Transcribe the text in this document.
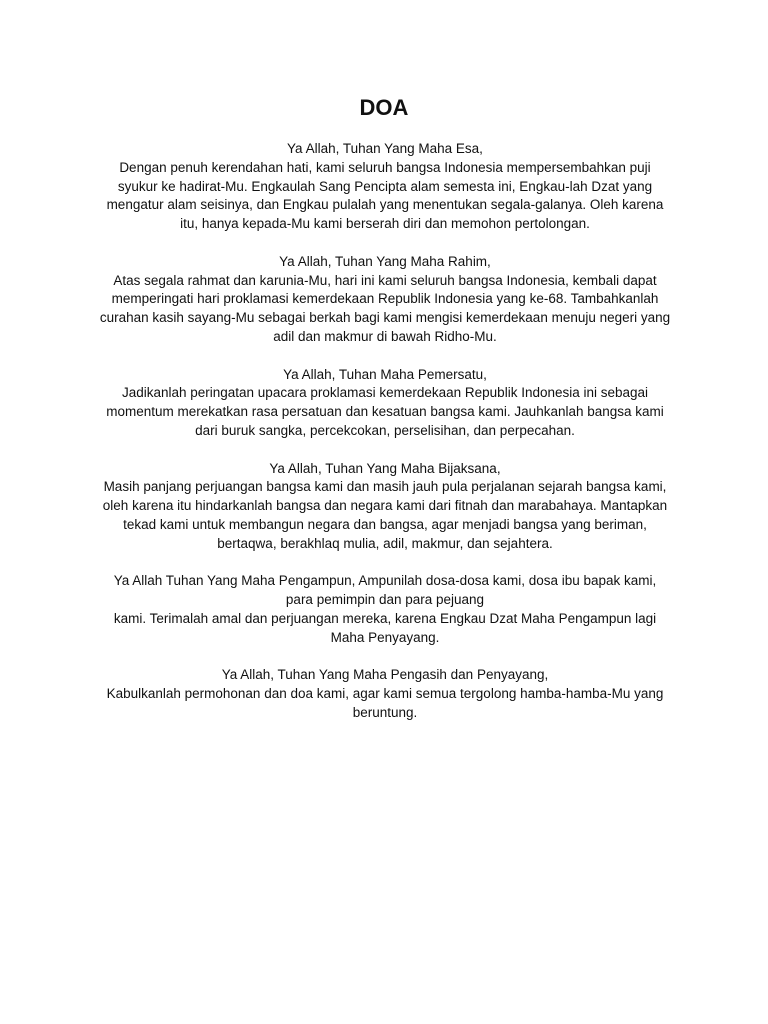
DOA

Ya Allah, Tuhan Yang Maha Esa,
Dengan penuh kerendahan hati, kami seluruh bangsa Indonesia mempersembahkan puji
syukur ke hadirat-Mu. Engkaulah Sang Pencipta alam semesta ini, Engkau-lah Dzat yang
mengatur alam seisinya, dan Engkau pulalah yang menentukan segala-galanya. Oleh karena
itu, hanya kepada-Mu kami berserah diri dan memohon pertolongan.

Ya Allah, Tuhan Yang Maha Rahim,
Atas segala rahmat dan karunia-Mu, hari ini kami seluruh bangsa Indonesia, kembali dapat
memperingati hari proklamasi kemerdekaan Republik Indonesia yang ke-68. Tambahkanlah
curahan kasih sayang-Mu sebagai berkah bagi kami mengisi kemerdekaan menuju negeri yang
adil dan makmur di bawah Ridho-Mu.

Ya Allah, Tuhan Maha Pemersatu,
Jadikanlah peringatan upacara proklamasi kemerdekaan Republik Indonesia ini sebagai
momentum merekatkan rasa persatuan dan kesatuan bangsa kami. Jauhkanlah bangsa kami
dari buruk sangka, percekcokan, perselisihan, dan perpecahan.

Ya Allah, Tuhan Yang Maha Bijaksana,
Masih panjang perjuangan bangsa kami dan masih jauh pula perjalanan sejarah bangsa kami,
oleh karena itu hindarkanlah bangsa dan negara kami dari fitnah dan marabahaya. Mantapkan
tekad kami untuk membangun negara dan bangsa, agar menjadi bangsa yang beriman,
bertaqwa, berakhlaq mulia, adil, makmur, dan sejahtera.

Ya Allah Tuhan Yang Maha Pengampun, Ampunilah dosa-dosa kami, dosa ibu bapak kami,
para pemimpin dan para pejuang
kami. Terimalah amal dan perjuangan mereka, karena Engkau Dzat Maha Pengampun lagi
Maha Penyayang.

Ya Allah, Tuhan Yang Maha Pengasih dan Penyayang,
Kabulkanlah permohonan dan doa kami, agar kami semua tergolong hamba-hamba-Mu yang
beruntung.
